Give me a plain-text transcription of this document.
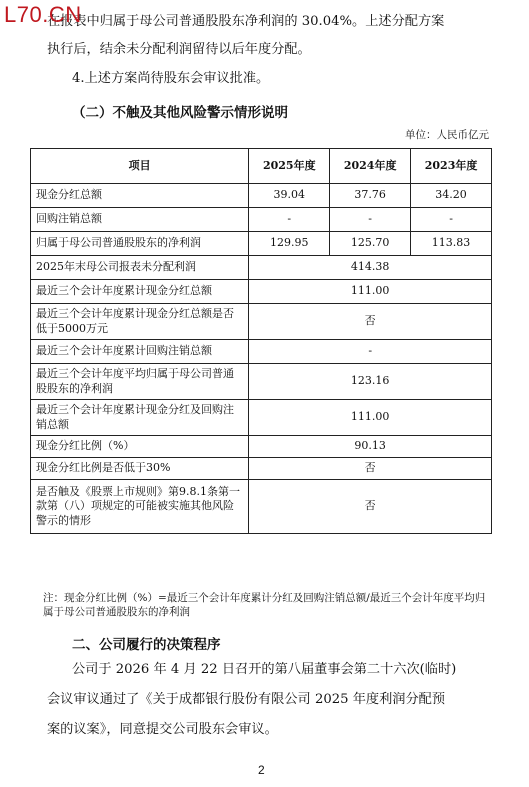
L70.CN
在报表中归属于母公司普通股股东净利润的 30.04%。上述分配方案
执行后，结余未分配利润留待以后年度分配。
4.上述方案尚待股东会审议批准。
（二）不触及其他风险警示情形说明
单位：人民币亿元
项目	2025年度	2024年度	2023年度
现金分红总额	39.04	37.76	34.20
回购注销总额	-	-	-
归属于母公司普通股股东的净利润	129.95	125.70	113.83
2025年末母公司报表未分配利润	414.38		
最近三个会计年度累计现金分红总额	111.00		
最近三个会计年度累计现金分红总额是否低于5000万元	否		
最近三个会计年度累计回购注销总额	-		
最近三个会计年度平均归属于母公司普通股股东的净利润	123.16		
最近三个会计年度累计现金分红及回购注销总额	111.00		
现金分红比例（%）	90.13		
现金分红比例是否低于30%	否		
是否触及《股票上市规则》第9.8.1条第一款第（八）项规定的可能被实施其他风险警示的情形	否		
注：现金分红比例（%）=最近三个会计年度累计分红及回购注销总额/最近三个会计年度平均归属于母公司普通股股东的净利润
二、公司履行的决策程序
公司于 2026 年 4 月 22 日召开的第八届董事会第二十六次(临时)
会议审议通过了《关于成都银行股份有限公司 2025 年度利润分配预
案的议案》，同意提交公司股东会审议。
2
